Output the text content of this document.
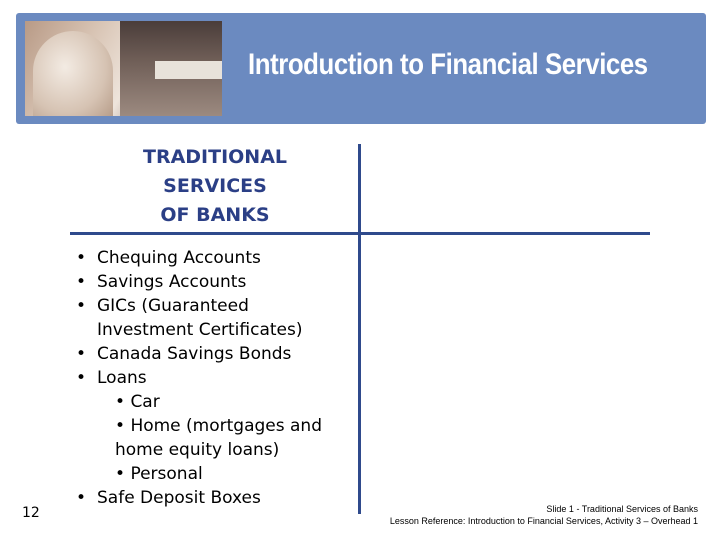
Introduction to Financial Services
TRADITIONAL
SERVICES
OF BANKS
• Chequing Accounts
• Savings Accounts
• GICs (Guaranteed
Investment Certificates)
• Canada Savings Bonds
• Loans
• Car
• Home (mortgages and
home equity loans)
• Personal
• Safe Deposit Boxes
12	Slide 1 - Traditional Services of Banks
Lesson Reference: Introduction to Financial Services, Activity 3 – Overhead 1
